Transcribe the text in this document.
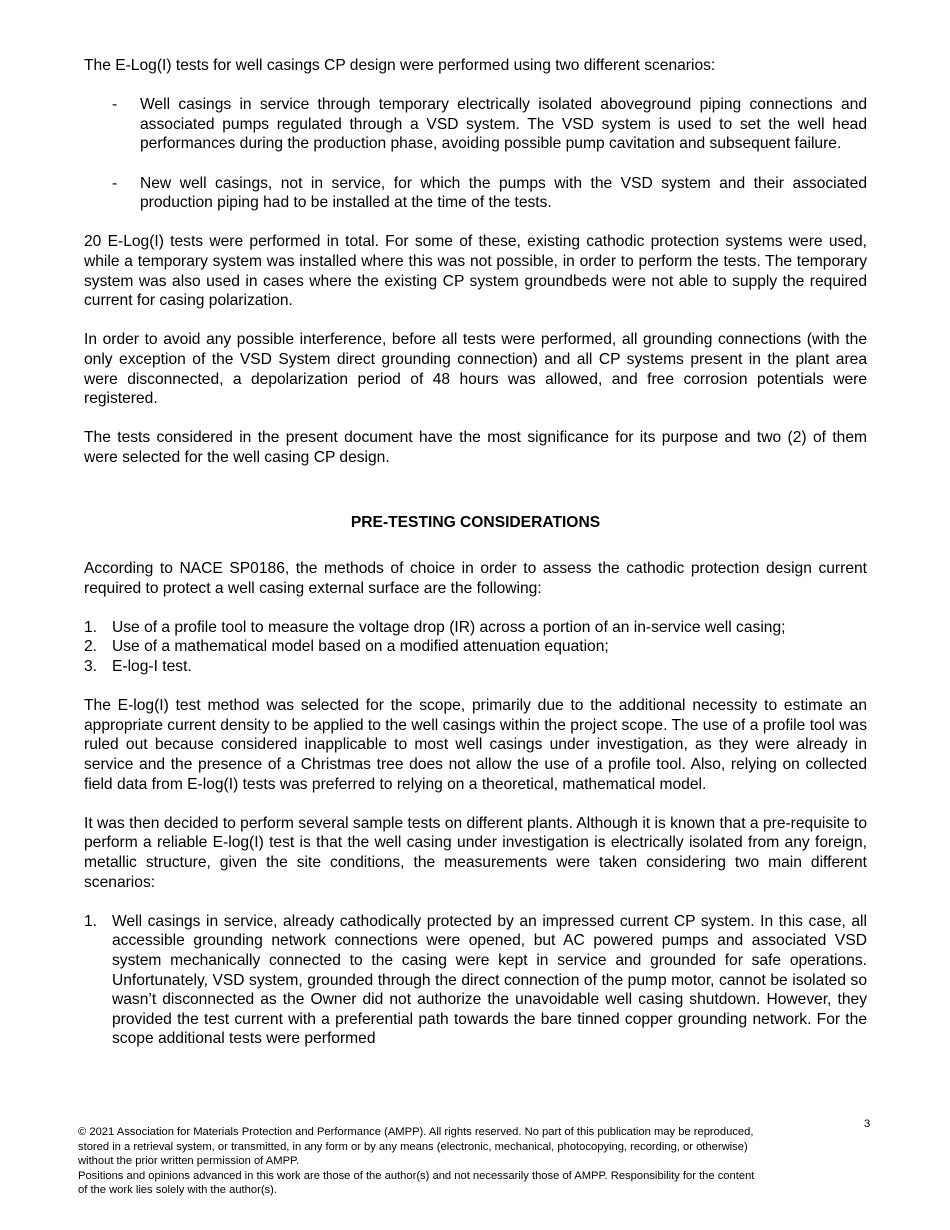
The E-Log(I) tests for well casings CP design were performed using two different scenarios:

- Well casings in service through temporary electrically isolated aboveground piping connections and associated pumps regulated through a VSD system. The VSD system is used to set the well head performances during the production phase, avoiding possible pump cavitation and subsequent failure.
- New well casings, not in service, for which the pumps with the VSD system and their associated production piping had to be installed at the time of the tests.

20 E-Log(I) tests were performed in total. For some of these, existing cathodic protection systems were used, while a temporary system was installed where this was not possible, in order to perform the tests. The temporary system was also used in cases where the existing CP system groundbeds were not able to supply the required current for casing polarization.

In order to avoid any possible interference, before all tests were performed, all grounding connections (with the only exception of the VSD System direct grounding connection) and all CP systems present in the plant area were disconnected, a depolarization period of 48 hours was allowed, and free corrosion potentials were registered.

The tests considered in the present document have the most significance for its purpose and two (2) of them were selected for the well casing CP design.

PRE-TESTING CONSIDERATIONS

According to NACE SP0186, the methods of choice in order to assess the cathodic protection design current required to protect a well casing external surface are the following:

1. Use of a profile tool to measure the voltage drop (IR) across a portion of an in-service well casing;
2. Use of a mathematical model based on a modified attenuation equation;
3. E-log-I test.

The E-log(I) test method was selected for the scope, primarily due to the additional necessity to estimate an appropriate current density to be applied to the well casings within the project scope. The use of a profile tool was ruled out because considered inapplicable to most well casings under investigation, as they were already in service and the presence of a Christmas tree does not allow the use of a profile tool. Also, relying on collected field data from E-log(I) tests was preferred to relying on a theoretical, mathematical model.

It was then decided to perform several sample tests on different plants. Although it is known that a pre-requisite to perform a reliable E-log(I) test is that the well casing under investigation is electrically isolated from any foreign, metallic structure, given the site conditions, the measurements were taken considering two main different scenarios:

1. Well casings in service, already cathodically protected by an impressed current CP system. In this case, all accessible grounding network connections were opened, but AC powered pumps and associated VSD system mechanically connected to the casing were kept in service and grounded for safe operations. Unfortunately, VSD system, grounded through the direct connection of the pump motor, cannot be isolated so wasn’t disconnected as the Owner did not authorize the unavoidable well casing shutdown. However, they provided the test current with a preferential path towards the bare tinned copper grounding network. For the scope additional tests were performed
© 2021 Association for Materials Protection and Performance (AMPP). All rights reserved. No part of this publication may be reproduced,
stored in a retrieval system, or transmitted, in any form or by any means (electronic, mechanical, photocopying, recording, or otherwise)
without the prior written permission of AMPP.
Positions and opinions advanced in this work are those of the author(s) and not necessarily those of AMPP. Responsibility for the content
of the work lies solely with the author(s).
3
